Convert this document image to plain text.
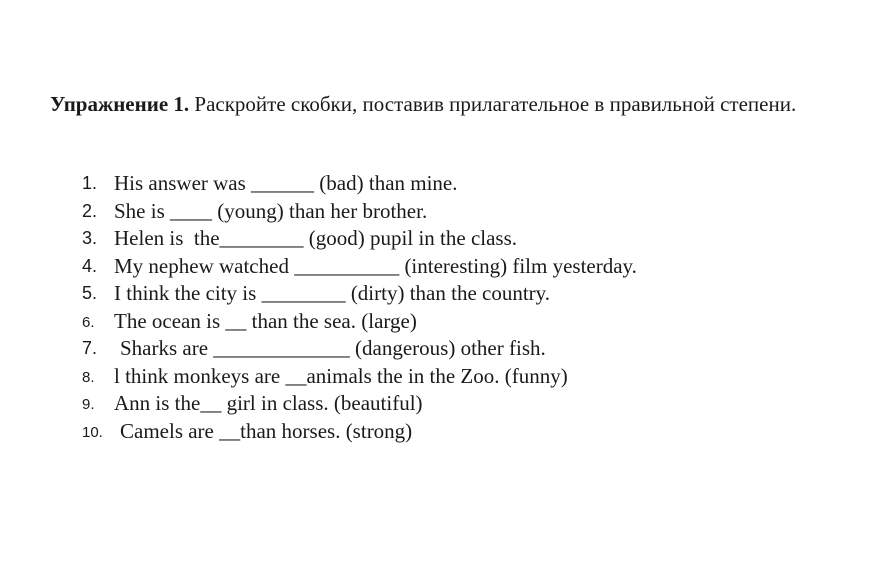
Упражнение 1. Раскройте скобки, поставив прилагательное в правильной степени.
1. His answer was ______ (bad) than mine.
2. She is ____ (young) than her brother.
3. Helen is  the________ (good) pupil in the class.
4. My nephew watched __________ (interesting) film yesterday.
5. I think the city is ________ (dirty) than the country.
6. The ocean is __ than the sea. (large)
7. Sharks are _____________ (dangerous) other fish.
8. l think monkeys are __animals the in the Zoo. (funny)
9. Ann is the__ girl in class. (beautiful)
10. Camels are __than horses. (strong)
